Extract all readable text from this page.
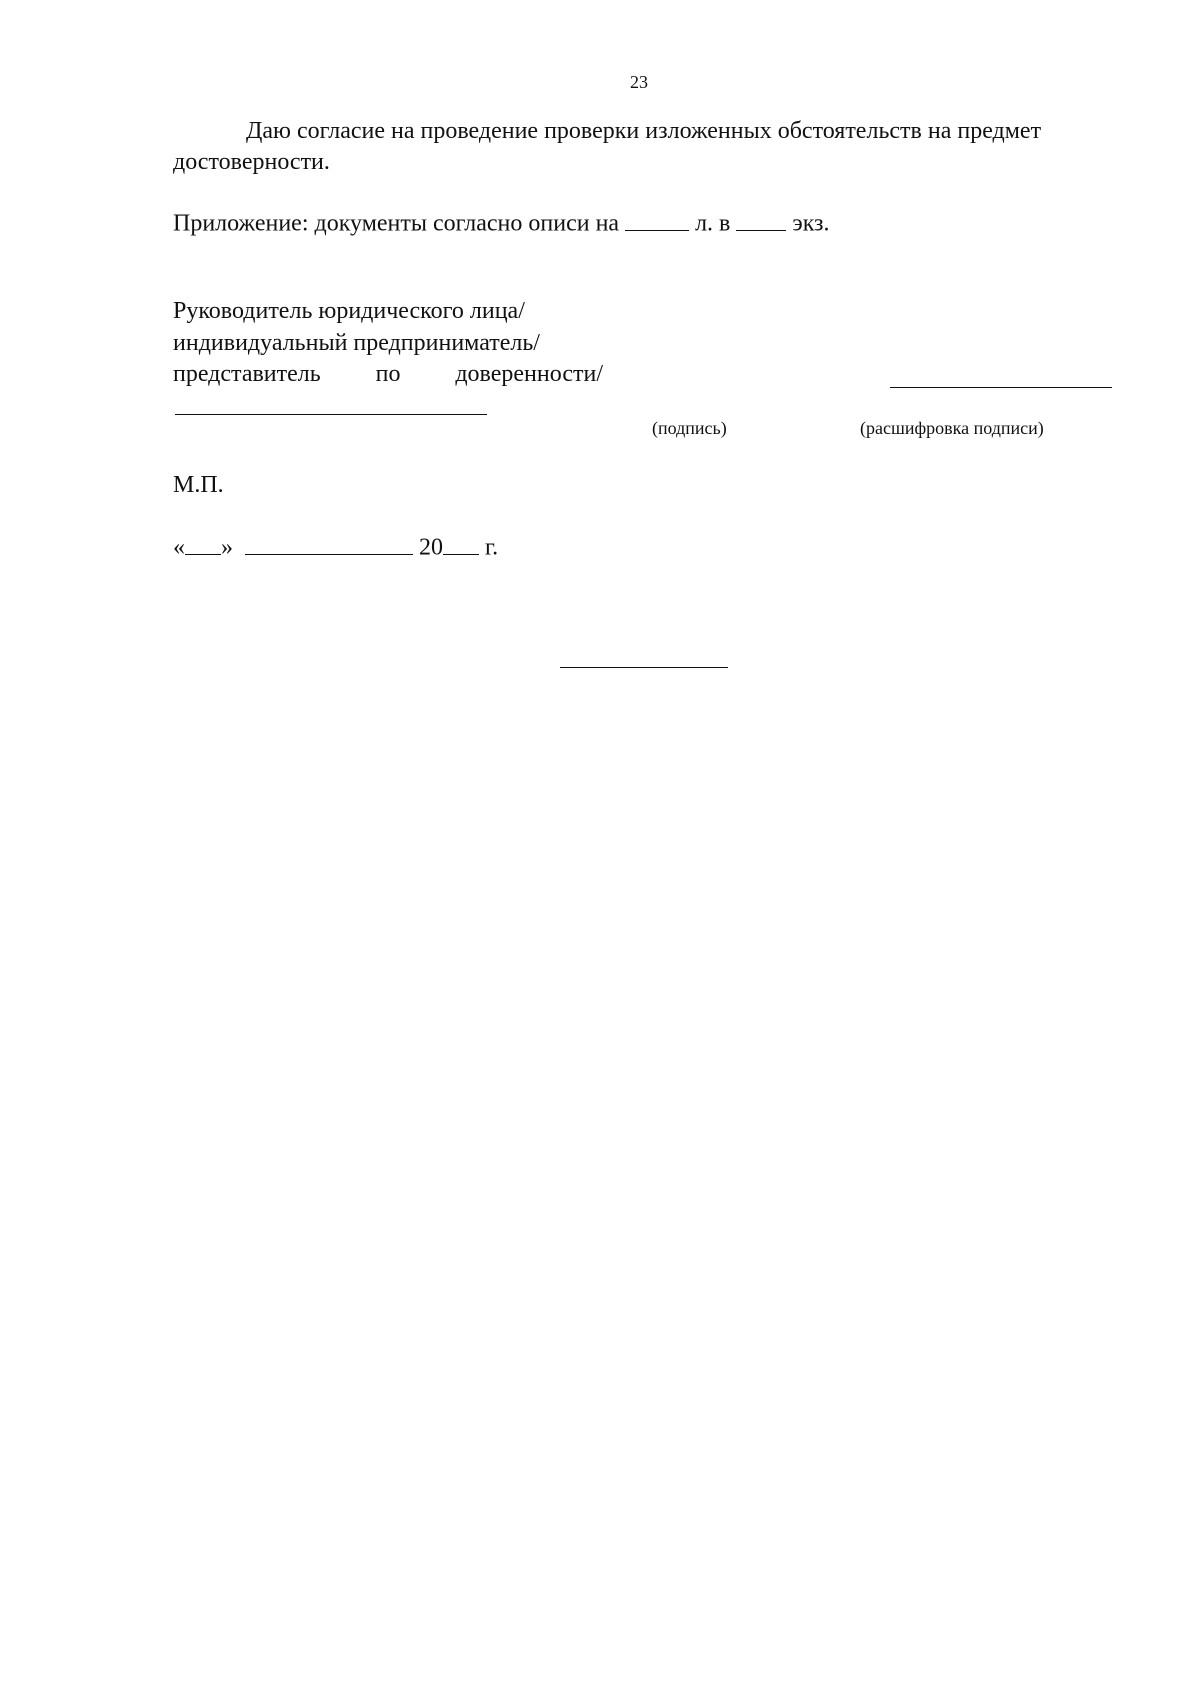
23
Даю согласие на проведение проверки изложенных обстоятельств на предмет
достоверности.
Приложение: документы согласно описи на	л. в	экз.
Руководитель юридического лица/
индивидуальный предприниматель/
представитель по доверенности/
(подпись)	(расшифровка подписи)
М.П.
« »	20 г.
